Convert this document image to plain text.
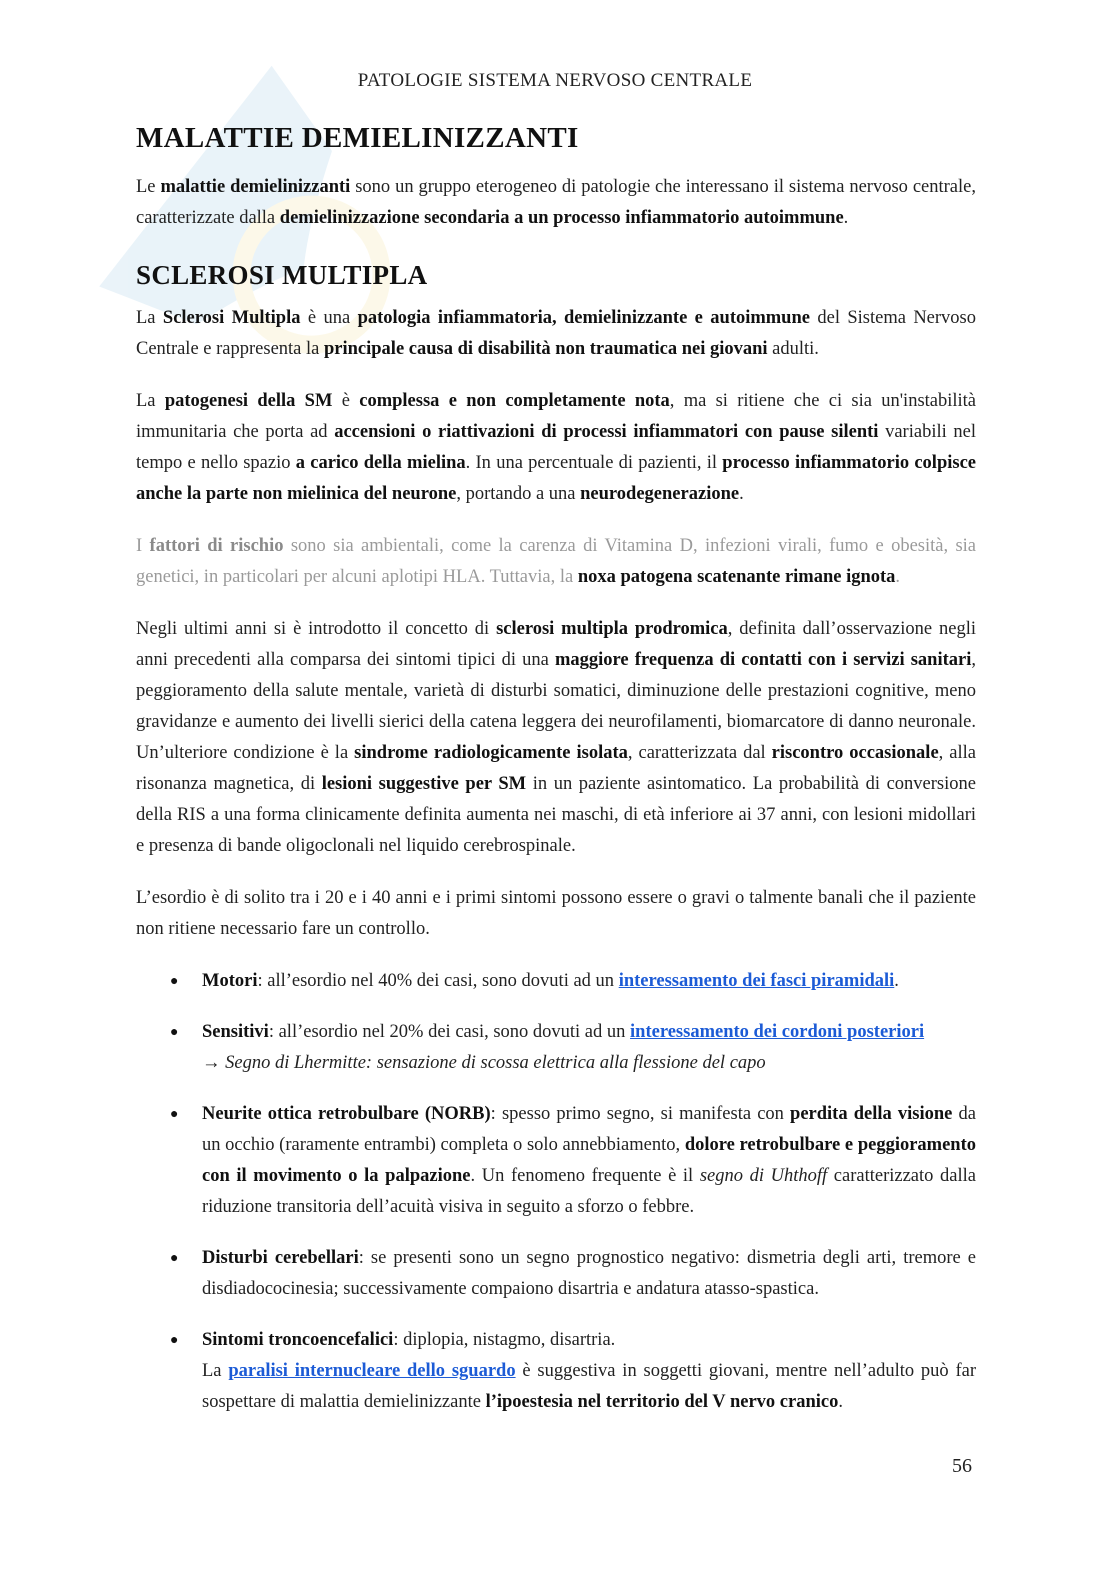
PATOLOGIE SISTEMA NERVOSO CENTRALE
MALATTIE DEMIELINIZZANTI

Le malattie demielinizzanti sono un gruppo eterogeneo di patologie che interessano il sistema nervoso centrale, caratterizzate dalla demielinizzazione secondaria a un processo infiammatorio autoimmune.

SCLEROSI MULTIPLA

La Sclerosi Multipla è una patologia infiammatoria, demielinizzante e autoimmune del Sistema Nervoso Centrale e rappresenta la principale causa di disabilità non traumatica nei giovani adulti.

La patogenesi della SM è complessa e non completamente nota, ma si ritiene che ci sia un'instabilità immunitaria che porta ad accensioni o riattivazioni di processi infiammatori con pause silenti variabili nel tempo e nello spazio a carico della mielina. In una percentuale di pazienti, il processo infiammatorio colpisce anche la parte non mielinica del neurone, portando a una neurodegenerazione.

I fattori di rischio sono sia ambientali, come la carenza di Vitamina D, infezioni virali, fumo e obesità, sia genetici, in particolari per alcuni aplotipi HLA. Tuttavia, la noxa patogena scatenante rimane ignota.

Negli ultimi anni si è introdotto il concetto di sclerosi multipla prodromica, definita dall’osservazione negli anni precedenti alla comparsa dei sintomi tipici di una maggiore frequenza di contatti con i servizi sanitari, peggioramento della salute mentale, varietà di disturbi somatici, diminuzione delle prestazioni cognitive, meno gravidanze e aumento dei livelli sierici della catena leggera dei neurofilamenti, biomarcatore di danno neuronale. Un’ulteriore condizione è la sindrome radiologicamente isolata, caratterizzata dal riscontro occasionale, alla risonanza magnetica, di lesioni suggestive per SM in un paziente asintomatico. La probabilità di conversione della RIS a una forma clinicamente definita aumenta nei maschi, di età inferiore ai 37 anni, con lesioni midollari e presenza di bande oligoclonali nel liquido cerebrospinale.

L’esordio è di solito tra i 20 e i 40 anni e i primi sintomi possono essere o gravi o talmente banali che il paziente non ritiene necessario fare un controllo.

● Motori: all’esordio nel 40% dei casi, sono dovuti ad un interessamento dei fasci piramidali.
● Sensitivi: all’esordio nel 20% dei casi, sono dovuti ad un interessamento dei cordoni posteriori
→ Segno di Lhermitte: sensazione di scossa elettrica alla flessione del capo
● Neurite ottica retrobulbare (NORB): spesso primo segno, si manifesta con perdita della visione da un occhio (raramente entrambi) completa o solo annebbiamento, dolore retrobulbare e peggioramento con il movimento o la palpazione. Un fenomeno frequente è il segno di Uhthoff caratterizzato dalla riduzione transitoria dell’acuità visiva in seguito a sforzo o febbre.
● Disturbi cerebellari: se presenti sono un segno prognostico negativo: dismetria degli arti, tremore e disdiadococinesia; successivamente compaiono disartria e andatura atasso-spastica.
● Sintomi troncoencefalici: diplopia, nistagmo, disartria.
La paralisi internucleare dello sguardo è suggestiva in soggetti giovani, mentre nell’adulto può far sospettare di malattia demielinizzante l’ipoestesia nel territorio del V nervo cranico.
56
